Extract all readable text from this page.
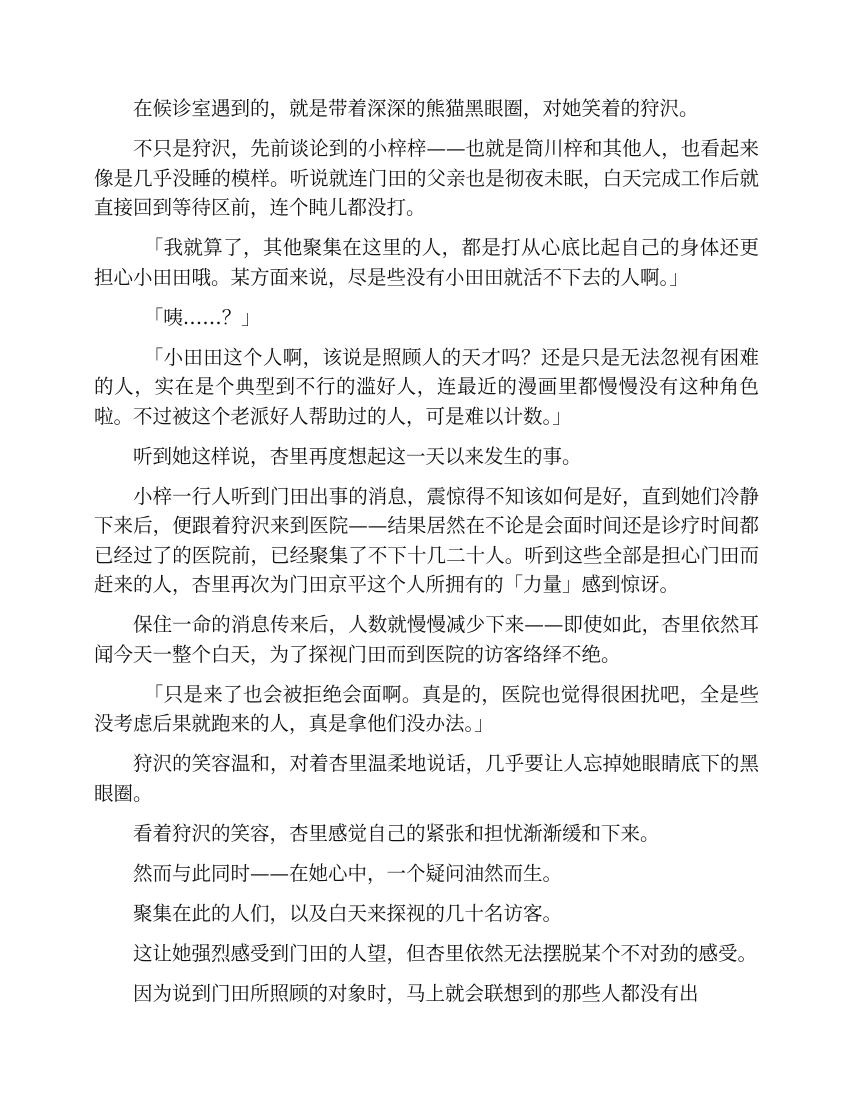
在候诊室遇到的，就是带着深深的熊猫黑眼圈，对她笑着的狩沢。

不只是狩沢，先前谈论到的小梓梓——也就是筒川梓和其他人，也看起来像是几乎没睡的模样。听说就连门田的父亲也是彻夜未眠，白天完成工作后就直接回到等待区前，连个盹儿都没打。

「我就算了，其他聚集在这里的人，都是打从心底比起自己的身体还更担心小田田哦。某方面来说，尽是些没有小田田就活不下去的人啊。」

「咦……？」

「小田田这个人啊，该说是照顾人的天才吗？还是只是无法忽视有困难的人，实在是个典型到不行的滥好人，连最近的漫画里都慢慢没有这种角色啦。不过被这个老派好人帮助过的人，可是难以计数。」

听到她这样说，杏里再度想起这一天以来发生的事。

小梓一行人听到门田出事的消息，震惊得不知该如何是好，直到她们冷静下来后，便跟着狩沢来到医院——结果居然在不论是会面时间还是诊疗时间都已经过了的医院前，已经聚集了不下十几二十人。听到这些全部是担心门田而赶来的人，杏里再次为门田京平这个人所拥有的「力量」感到惊讶。

保住一命的消息传来后，人数就慢慢减少下来——即使如此，杏里依然耳闻今天一整个白天，为了探视门田而到医院的访客络绎不绝。

「只是来了也会被拒绝会面啊。真是的，医院也觉得很困扰吧，全是些没考虑后果就跑来的人，真是拿他们没办法。」

狩沢的笑容温和，对着杏里温柔地说话，几乎要让人忘掉她眼睛底下的黑眼圈。

看着狩沢的笑容，杏里感觉自己的紧张和担忧渐渐缓和下来。

然而与此同时——在她心中，一个疑问油然而生。

聚集在此的人们，以及白天来探视的几十名访客。

这让她强烈感受到门田的人望，但杏里依然无法摆脱某个不对劲的感受。

因为说到门田所照顾的对象时，马上就会联想到的那些人都没有出
